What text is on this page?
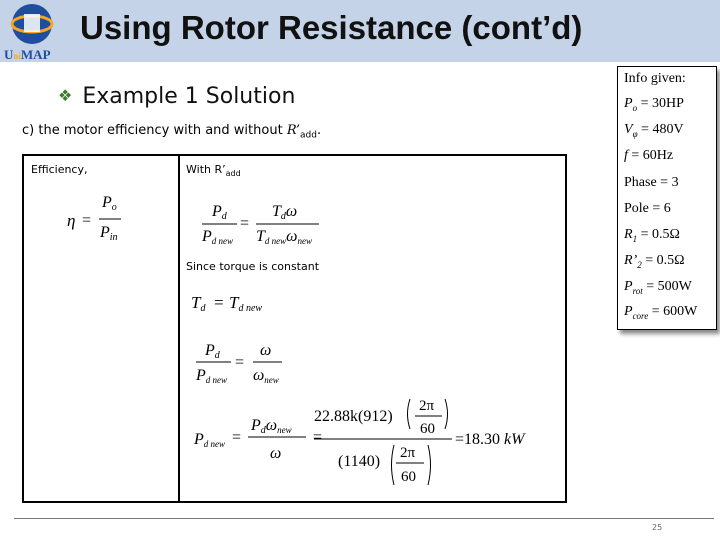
UniMAP
Using Rotor Resistance (cont’d)
❖ Example 1 Solution
c) the motor efficiency with and without $R’_{add}$.
Efficiency,	With $R’_{add}$
Since torque is constant
η =
Po
Pin
Pd
Pd new
=
Tdω
Td newωnew
Td = Td new
Pd
Pd new
=
ω
ωnew
Pd new =
Pdωnew
ω
=
22.88k(912)
2π
60
(1140) 2π
60
=18.30 kW
Info given:
$P_o = 30HP$
$V_\varphi = 480V$
f = 60Hz
Phase = 3
Pole = 6
$R_1 = 0.5\Omega$
$R’_2 = 0.5\Omega$
$P_{rot} = 500W$
$P_{core} = 600W$
25
